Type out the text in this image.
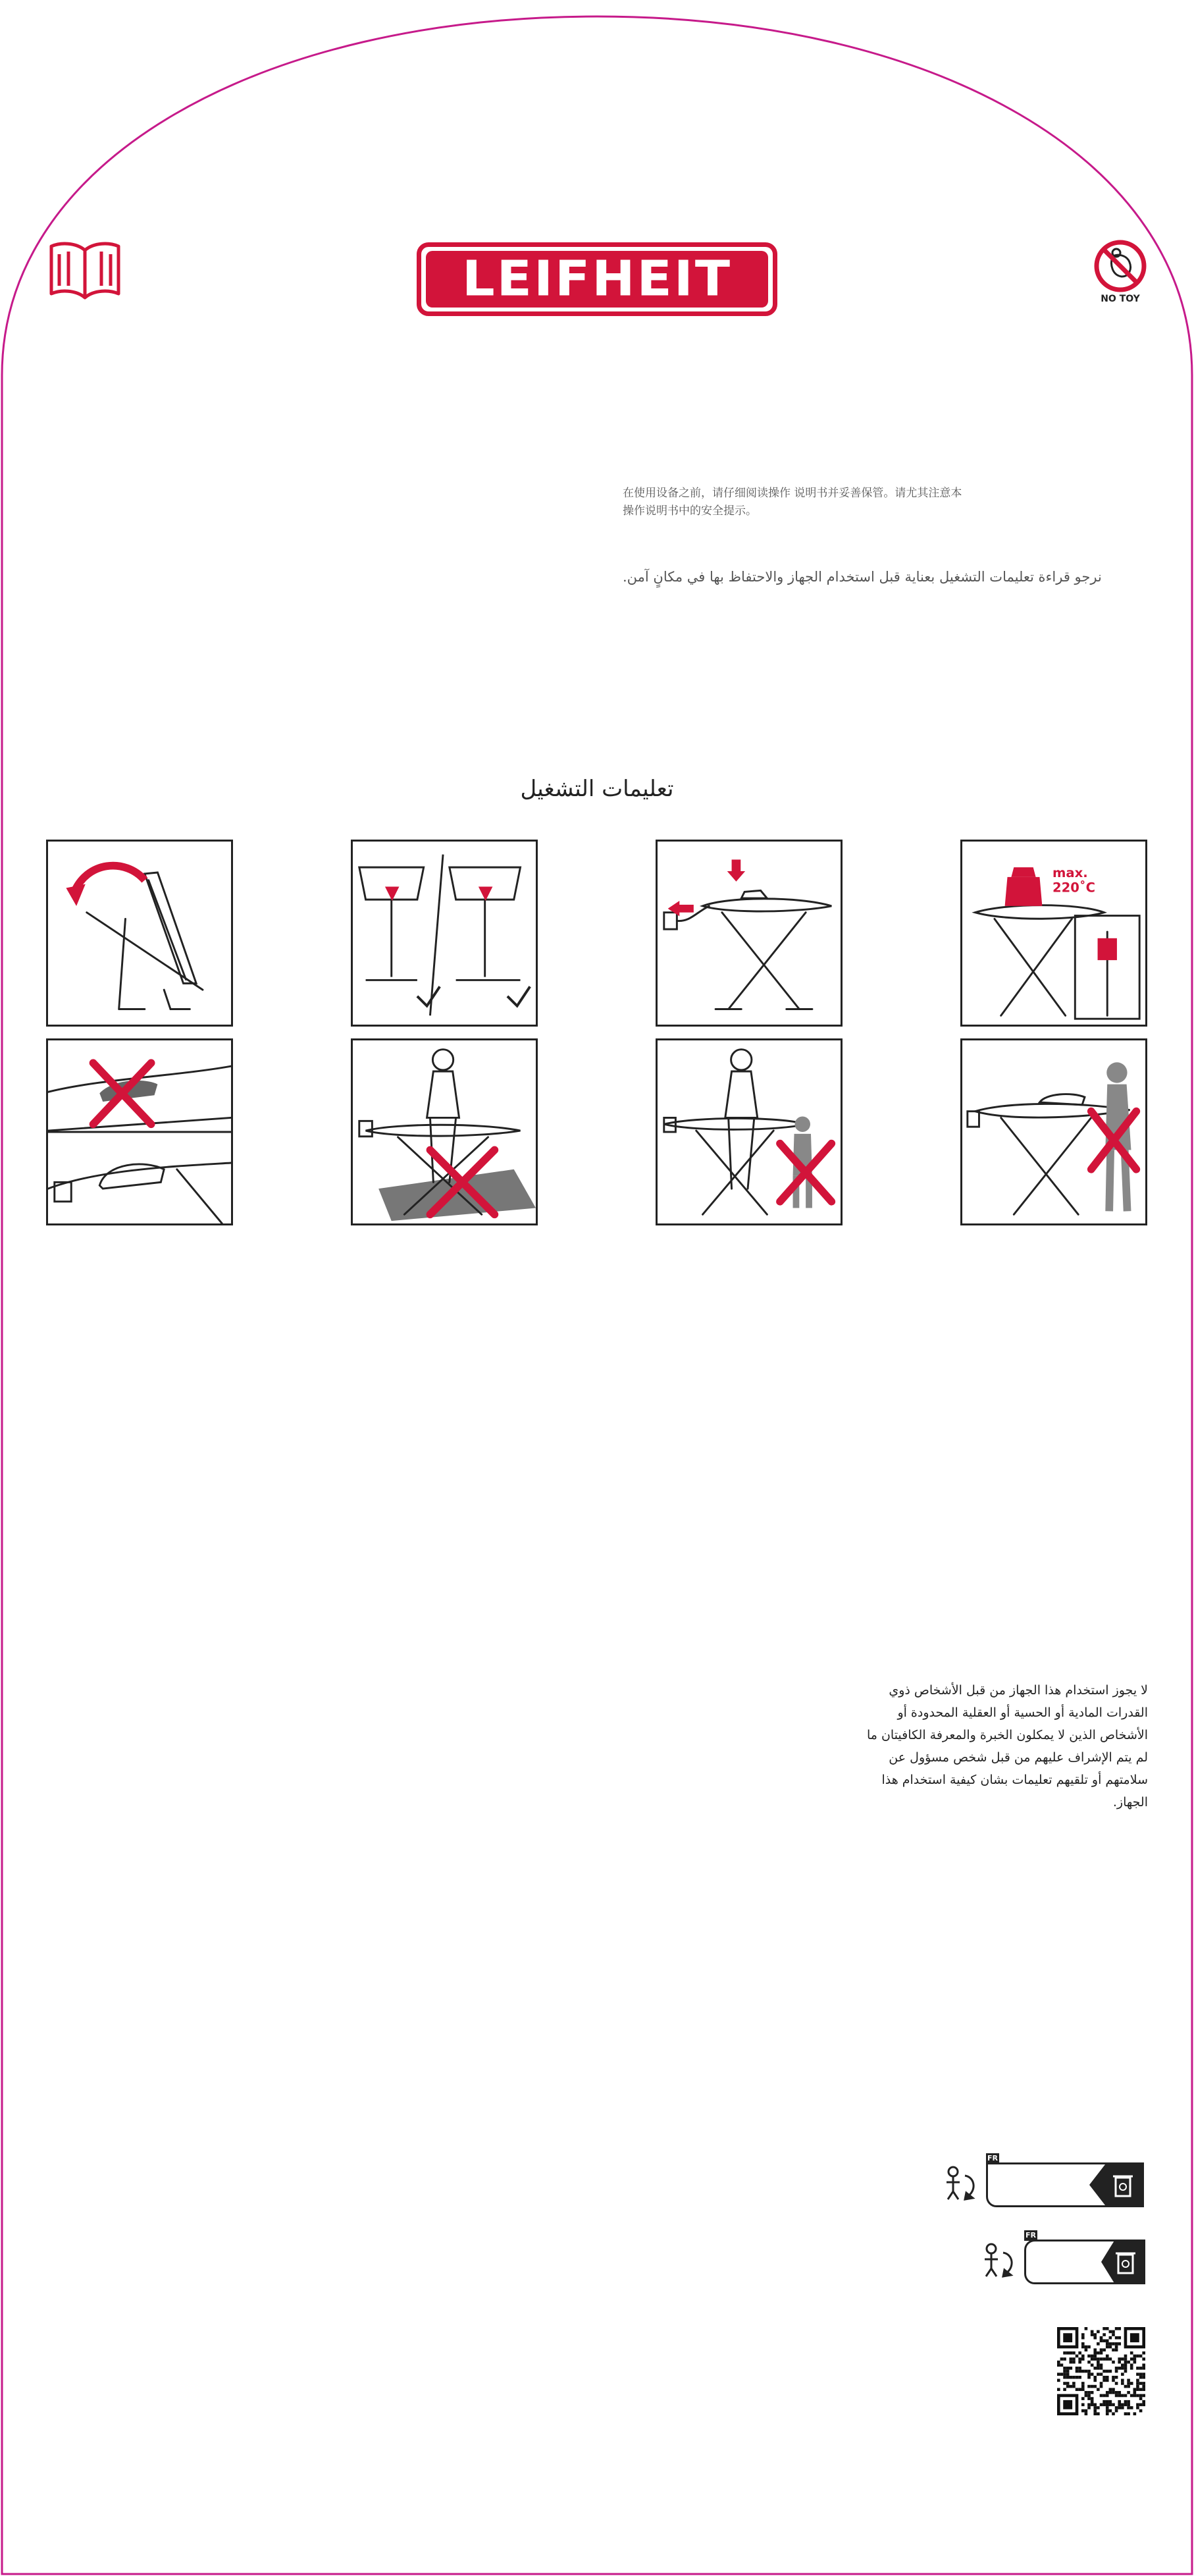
LEIFHEIT	NO TOY
在使用设备之前，请仔细阅读操作 说明书并妥善保管。请尤其注意本
操作说明书中的安全提示。
نرجو قراءة تعليمات التشغيل بعناية قبل استخدام الجهاز والاحتفاظ بها في مكانٍ آمن.
تعليمات التشغيل
max.
220˚C
لا يجوز استخدام هذا الجهاز من قبل الأشخاص ذوي
القدرات المادية أو الحسية أو العقلية المحدودة أو
الأشخاص الذين لا يمكلون الخبرة والمعرفة الكافيتان ما
لم يتم الإشراف عليهم من قبل شخص مسؤول عن
سلامتهم أو تلقيهم تعليمات بشان كيفية استخدام هذا
الجهاز.
FR
FR
